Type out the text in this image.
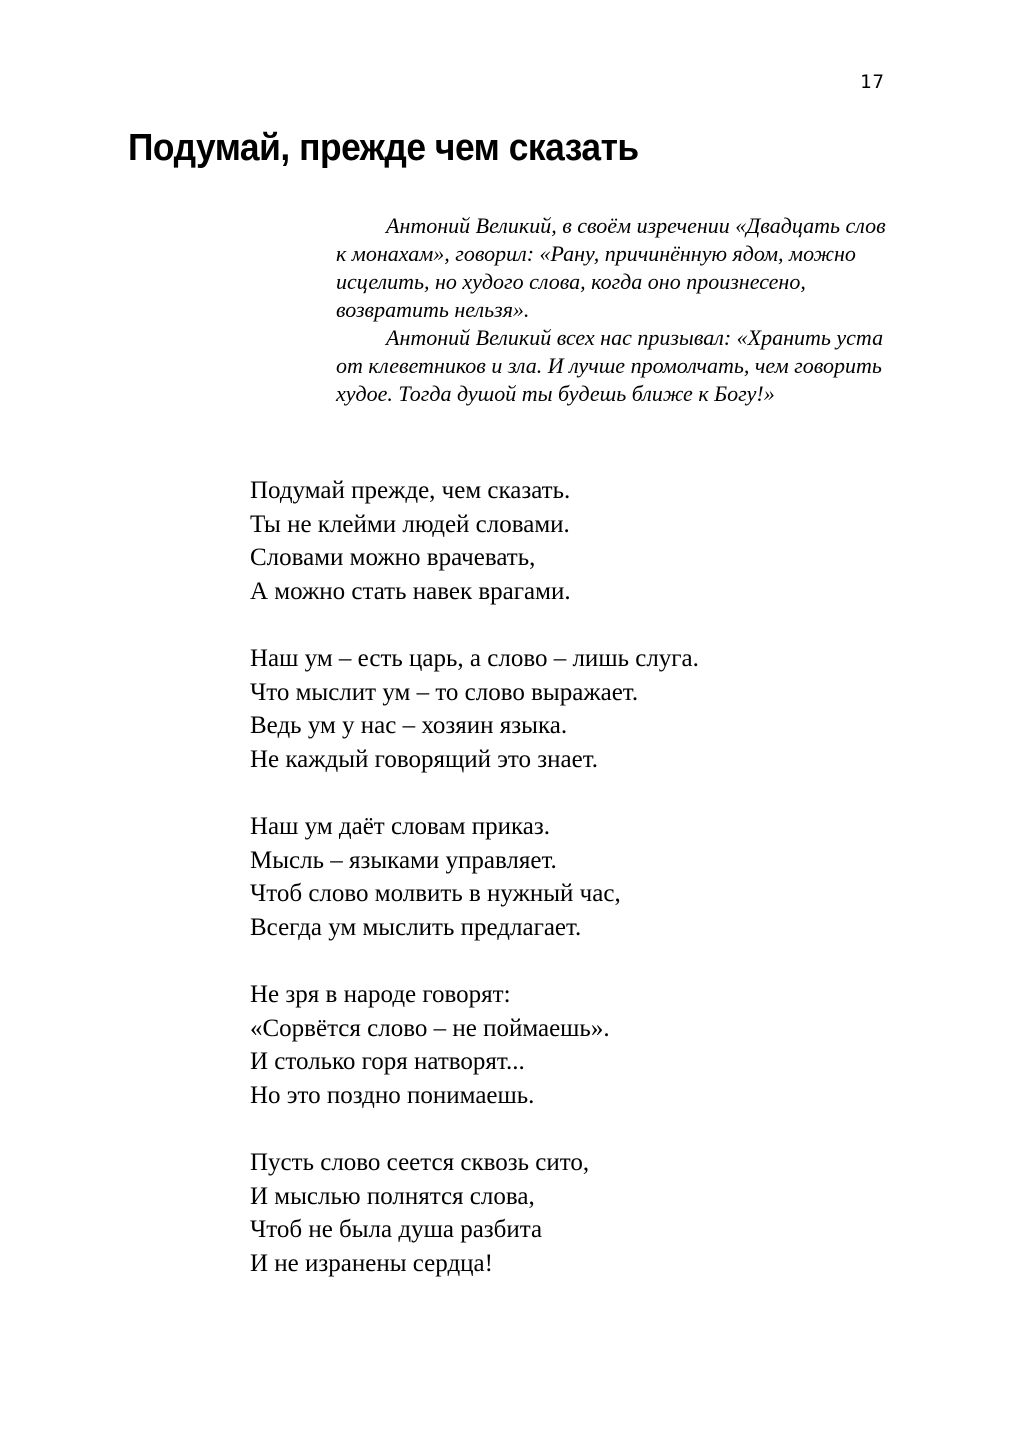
17
Подумай, прежде чем сказать

Антоний Великий, в своём изречении «Двадцать слов к монахам», говорил: «Рану, причинённую ядом, можно исцелить, но худого слова, когда оно произнесено, возвратить нельзя».

Антоний Великий всех нас призывал: «Хранить уста от клеветников и зла. И лучше промолчать, чем говорить худое. Тогда душой ты будешь ближе к Богу!»

Подумай прежде, чем сказать.
Ты не клейми людей словами.
Словами можно врачевать,
А можно стать навек врагами.
Наш ум – есть царь, а слово – лишь слуга.
Что мыслит ум – то слово выражает.
Ведь ум у нас – хозяин языка.
Не каждый говорящий это знает.
Наш ум даёт словам приказ.
Мысль – языками управляет.
Чтоб слово молвить в нужный час,
Всегда ум мыслить предлагает.
Не зря в народе говорят:
«Сорвётся слово – не поймаешь».
И столько горя натворят...
Но это поздно понимаешь.
Пусть слово сеется сквозь сито,
И мыслью полнятся слова,
Чтоб не была душа разбита
И не изранены сердца!
